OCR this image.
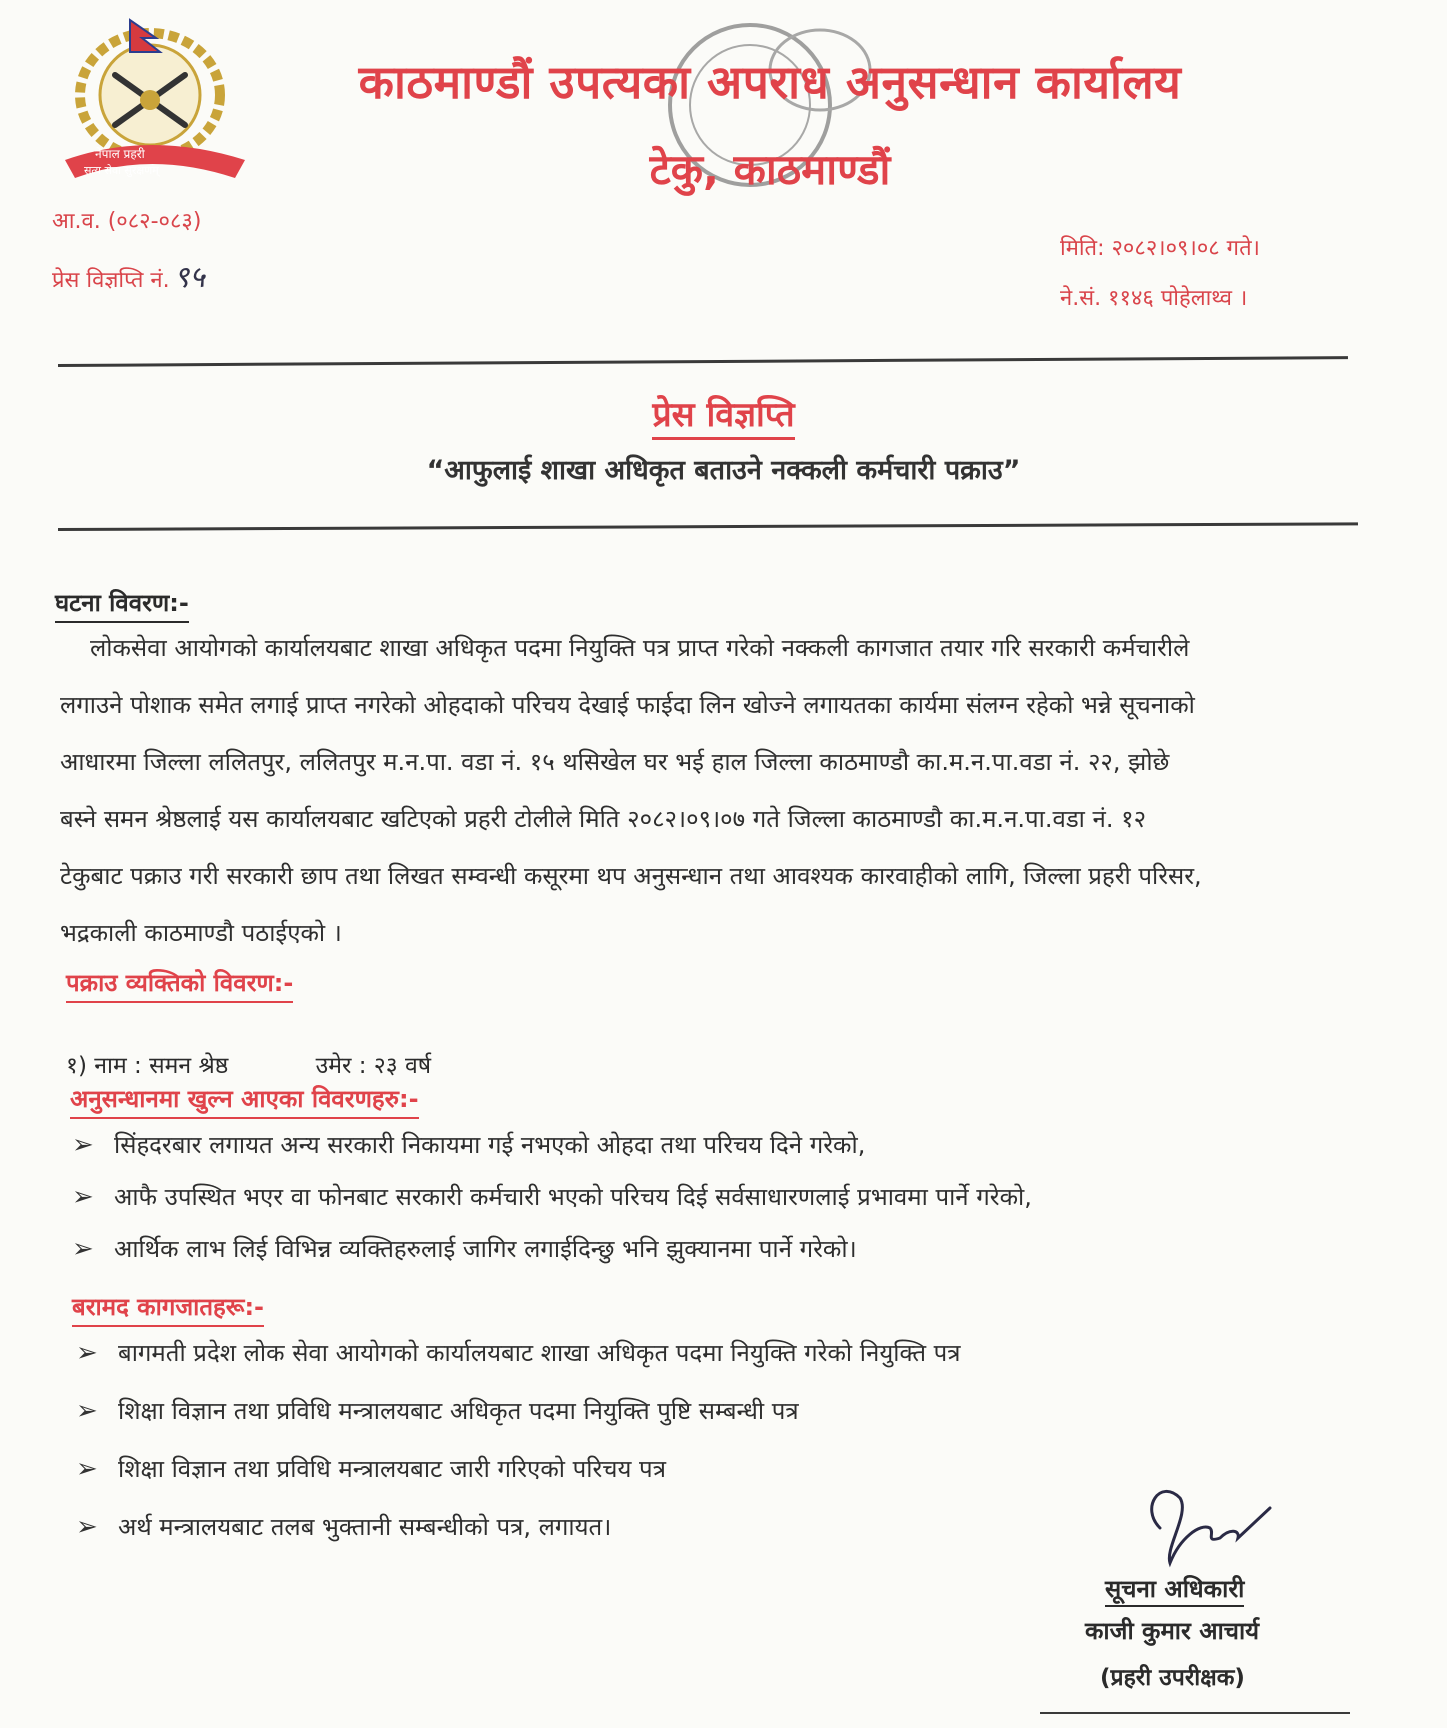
नेपाल प्रहरी
सत्य सेवा सुरक्षणम्
काठमाण्डौं उपत्यका अपराध अनुसन्धान कार्यालय
टेकु, काठमाण्डौं
आ.व. (०८२-०८३)
प्रेस विज्ञप्ति नं. ९५
मिति: २०८२।०९।०८ गते।
ने.सं. ११४६ पोहेलाथ्व ।
प्रेस विज्ञप्ति
“आफुलाई शाखा अधिकृत बताउने नक्कली कर्मचारी पक्राउ”
घटना विवरण:-
लोकसेवा आयोगको कार्यालयबाट शाखा अधिकृत पदमा नियुक्ति पत्र प्राप्त गरेको नक्कली कागजात तयार गरि सरकारी कर्मचारीले
लगाउने पोशाक समेत लगाई प्राप्त नगरेको ओहदाको परिचय देखाई फाईदा लिन खोज्ने लगायतका कार्यमा संलग्न रहेको भन्ने सूचनाको
आधारमा जिल्ला ललितपुर, ललितपुर म.न.पा. वडा नं. १५ थसिखेल घर भई हाल जिल्ला काठमाण्डौ का.म.न.पा.वडा नं. २२, झोछे
बस्ने समन श्रेष्ठलाई यस कार्यालयबाट खटिएको प्रहरी टोलीले मिति २०८२।०९।०७ गते जिल्ला काठमाण्डौ का.म.न.पा.वडा नं. १२
टेकुबाट पक्राउ गरी सरकारी छाप तथा लिखत सम्वन्धी कसूरमा थप अनुसन्धान तथा आवश्यक कारवाहीको लागि, जिल्ला प्रहरी परिसर,
भद्रकाली काठमाण्डौ पठाईएको ।
पक्राउ व्यक्तिको विवरण:-
१) नाम : समन श्रेष्ठ	उमेर : २३ वर्ष
अनुसन्धानमा खुल्न आएका विवरणहरु:-
➢ सिंहदरबार लगायत अन्य सरकारी निकायमा गई नभएको ओहदा तथा परिचय दिने गरेको,
➢ आफै उपस्थित भएर वा फोनबाट सरकारी कर्मचारी भएको परिचय दिई सर्वसाधारणलाई प्रभावमा पार्ने गरेको,
➢ आर्थिक लाभ लिई विभिन्न व्यक्तिहरुलाई जागिर लगाईदिन्छु भनि झुक्यानमा पार्ने गरेको।
बरामद कागजातहरू:-
➢ बागमती प्रदेश लोक सेवा आयोगको कार्यालयबाट शाखा अधिकृत पदमा नियुक्ति गरेको नियुक्ति पत्र
➢ शिक्षा विज्ञान तथा प्रविधि मन्त्रालयबाट अधिकृत पदमा नियुक्ति पुष्टि सम्बन्धी पत्र
➢ शिक्षा विज्ञान तथा प्रविधि मन्त्रालयबाट जारी गरिएको परिचय पत्र
➢ अर्थ मन्त्रालयबाट तलब भुक्तानी सम्बन्धीको पत्र, लगायत।
सूचना अधिकारी
काजी कुमार आचार्य
(प्रहरी उपरीक्षक)
